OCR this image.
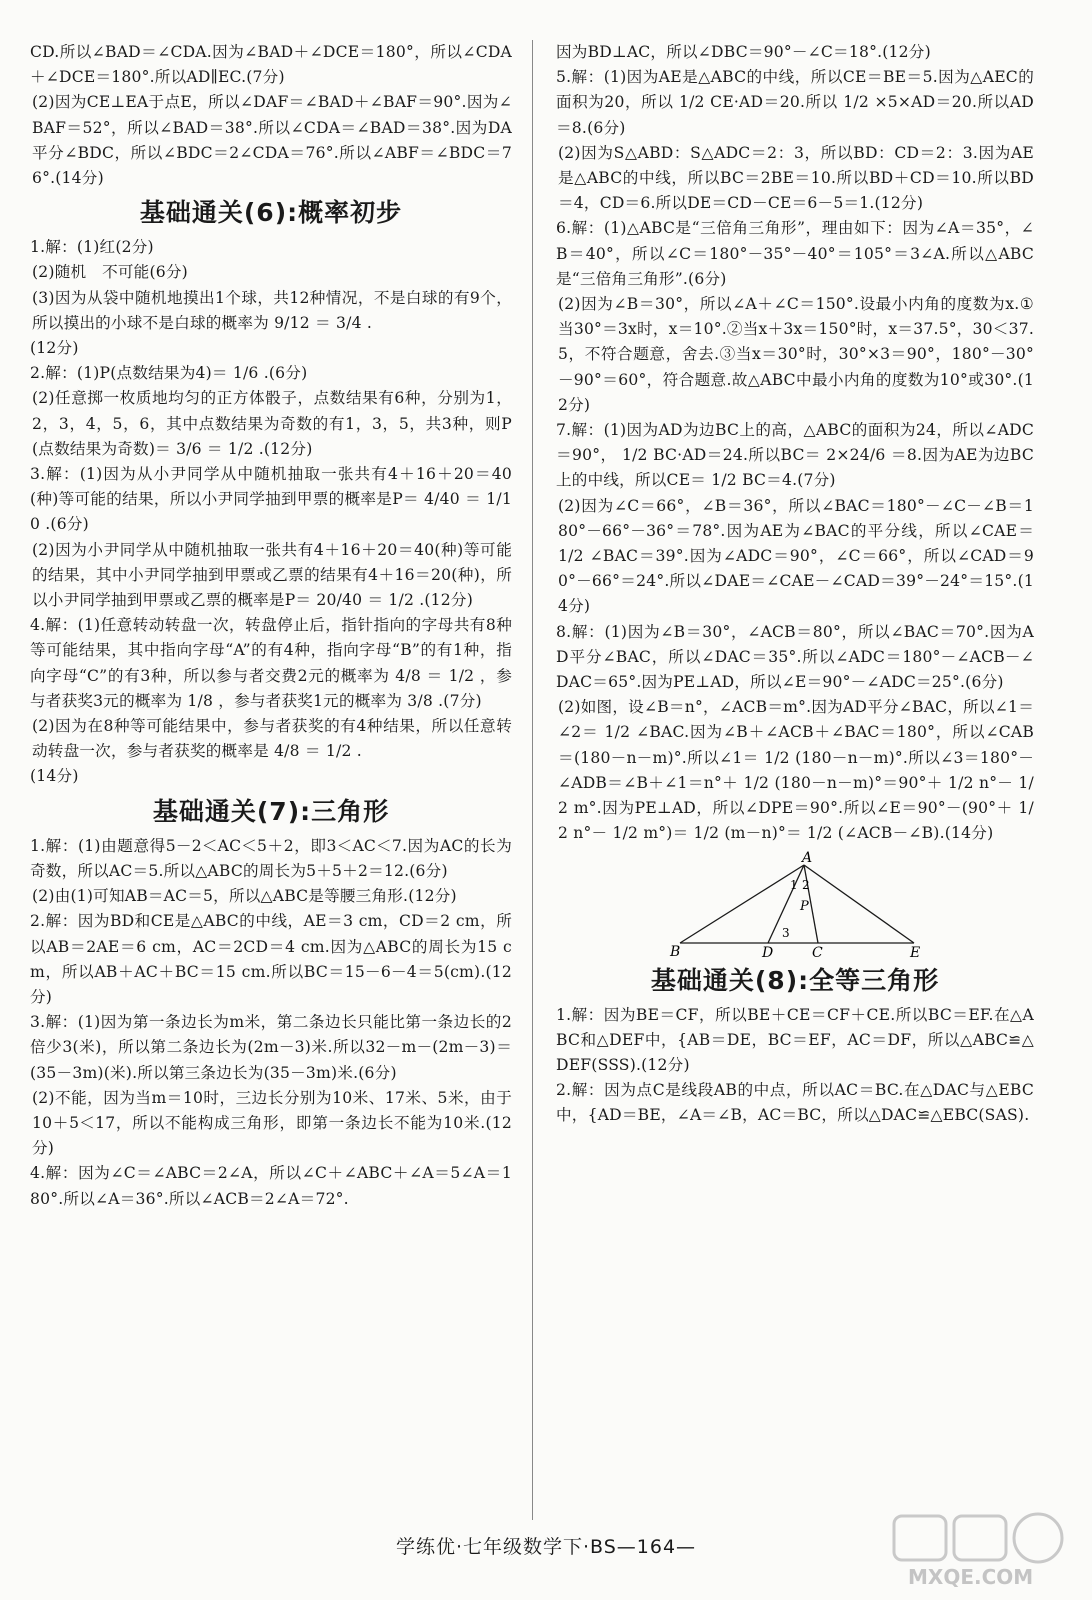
CD.所以∠BAD＝∠CDA.因为∠BAD＋∠DCE＝180°，所以∠CDA＋∠DCE＝180°.所以AD∥EC.(7分)

(2)因为CE⊥EA于点E，所以∠DAF＝∠BAD＋∠BAF＝90°.因为∠BAF＝52°，所以∠BAD＝38°.所以∠CDA＝∠BAD＝38°.因为DA平分∠BDC，所以∠BDC＝2∠CDA＝76°.所以∠ABF＝∠BDC＝76°.(14分)

基础通关(6):概率初步

1.解：(1)红(2分)

(2)随机　不可能(6分)

(3)因为从袋中随机地摸出1个球，共12种情况，不是白球的有9个，所以摸出的小球不是白球的概率为 9/12 ＝ 3/4 .

(12分)

2.解：(1)P(点数结果为4)＝ 1/6 .(6分)

(2)任意掷一枚质地均匀的正方体骰子，点数结果有6种，分别为1，2，3，4，5，6，其中点数结果为奇数的有1，3，5，共3种，则P(点数结果为奇数)＝ 3/6 ＝ 1/2 .(12分)

3.解：(1)因为从小尹同学从中随机抽取一张共有4＋16＋20＝40(种)等可能的结果，所以小尹同学抽到甲票的概率是P＝ 4/40 ＝ 1/10 .(6分)

(2)因为小尹同学从中随机抽取一张共有4＋16＋20＝40(种)等可能的结果，其中小尹同学抽到甲票或乙票的结果有4＋16＝20(种)，所以小尹同学抽到甲票或乙票的概率是P＝ 20/40 ＝ 1/2 .(12分)

4.解：(1)任意转动转盘一次，转盘停止后，指针指向的字母共有8种等可能结果，其中指向字母“A”的有4种，指向字母“B”的有1种，指向字母“C”的有3种，所以参与者交费2元的概率为 4/8 ＝ 1/2 ，参与者获奖3元的概率为 1/8 ，参与者获奖1元的概率为 3/8 .(7分)

(2)因为在8种等可能结果中，参与者获奖的有4种结果，所以任意转动转盘一次，参与者获奖的概率是 4/8 ＝ 1/2 .

(14分)

基础通关(7):三角形

1.解：(1)由题意得5－2＜AC＜5＋2，即3＜AC＜7.因为AC的长为奇数，所以AC＝5.所以△ABC的周长为5＋5＋2＝12.(6分)

(2)由(1)可知AB＝AC＝5，所以△ABC是等腰三角形.(12分)

2.解：因为BD和CE是△ABC的中线，AE＝3 cm，CD＝2 cm，所以AB＝2AE＝6 cm，AC＝2CD＝4 cm.因为△ABC的周长为15 cm，所以AB＋AC＋BC＝15 cm.所以BC＝15－6－4＝5(cm).(12分)

3.解：(1)因为第一条边长为m米，第二条边长只能比第一条边长的2倍少3(米)，所以第二条边长为(2m－3)米.所以32－m－(2m－3)＝(35－3m)(米).所以第三条边长为(35－3m)米.(6分)

(2)不能，因为当m＝10时，三边长分别为10米、17米、5米，由于10＋5＜17，所以不能构成三角形，即第一条边长不能为10米.(12分)

4.解：因为∠C＝∠ABC＝2∠A，所以∠C＋∠ABC＋∠A＝5∠A＝180°.所以∠A＝36°.所以∠ACB＝2∠A＝72°.

因为BD⊥AC，所以∠DBC＝90°－∠C＝18°.(12分)

5.解：(1)因为AE是△ABC的中线，所以CE＝BE＝5.因为△AEC的面积为20，所以 1/2 CE·AD＝20.所以 1/2 ×5×AD＝20.所以AD＝8.(6分)

(2)因为S△ABD：S△ADC＝2：3，所以BD：CD＝2：3.因为AE是△ABC的中线，所以BC＝2BE＝10.所以BD＋CD＝10.所以BD＝4，CD＝6.所以DE＝CD－CE＝6－5＝1.(12分)

6.解：(1)△ABC是“三倍角三角形”，理由如下：因为∠A＝35°，∠B＝40°，所以∠C＝180°－35°－40°＝105°＝3∠A.所以△ABC是“三倍角三角形”.(6分)

(2)因为∠B＝30°，所以∠A＋∠C＝150°.设最小内角的度数为x.①当30°＝3x时，x＝10°.②当x＋3x＝150°时，x＝37.5°，30＜37.5，不符合题意，舍去.③当x＝30°时，30°×3＝90°，180°－30°－90°＝60°，符合题意.故△ABC中最小内角的度数为10°或30°.(12分)

7.解：(1)因为AD为边BC上的高，△ABC的面积为24，所以∠ADC＝90°， 1/2 BC·AD＝24.所以BC＝ 2×24/6 ＝8.因为AE为边BC上的中线，所以CE＝ 1/2 BC＝4.(7分)

(2)因为∠C＝66°，∠B＝36°，所以∠BAC＝180°－∠C－∠B＝180°－66°－36°＝78°.因为AE为∠BAC的平分线，所以∠CAE＝ 1/2 ∠BAC＝39°.因为∠ADC＝90°，∠C＝66°，所以∠CAD＝90°－66°＝24°.所以∠DAE＝∠CAE－∠CAD＝39°－24°＝15°.(14分)

8.解：(1)因为∠B＝30°，∠ACB＝80°，所以∠BAC＝70°.因为AD平分∠BAC，所以∠DAC＝35°.所以∠ADC＝180°－∠ACB－∠DAC＝65°.因为PE⊥AD，所以∠E＝90°－∠ADC＝25°.(6分)

(2)如图，设∠B＝n°，∠ACB＝m°.因为AD平分∠BAC，所以∠1＝∠2＝ 1/2 ∠BAC.因为∠B＋∠ACB＋∠BAC＝180°，所以∠CAB＝(180－n－m)°.所以∠1＝ 1/2 (180－n－m)°.所以∠3＝180°－∠ADB＝∠B＋∠1＝n°＋ 1/2 (180－n－m)°＝90°＋ 1/2 n°－ 1/2 m°.因为PE⊥AD，所以∠DPE＝90°.所以∠E＝90°－(90°＋ 1/2 n°－ 1/2 m°)＝ 1/2 (m－n)°＝ 1/2 (∠ACB－∠B).(14分)

A
B	D	C	E
P
1 2
3
基础通关(8):全等三角形

1.解：因为BE＝CF，所以BE＋CE＝CF＋CE.所以BC＝EF.在△ABC和△DEF中，{AB＝DE，BC＝EF，AC＝DF，所以△ABC≌△DEF(SSS).(12分)

2.解：因为点C是线段AB的中点，所以AC＝BC.在△DAC与△EBC中，{AD＝BE，∠A＝∠B，AC＝BC，所以△DAC≌△EBC(SAS).

学练优·七年级数学下·BS—164—
MXQE.COM
